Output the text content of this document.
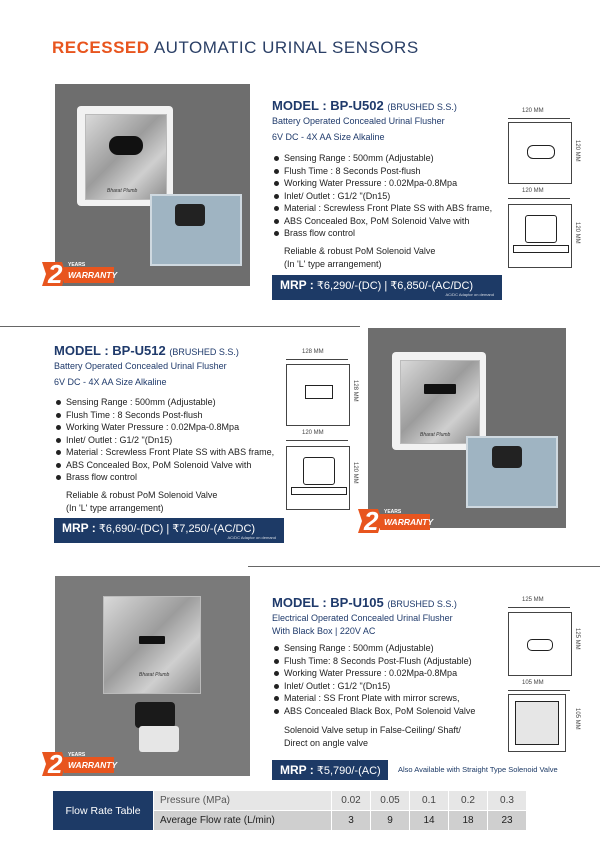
RECESSED AUTOMATIC URINAL SENSORS
Bharat Plumb
2 YEARS
WARRANTY
MODEL : BP-U502 (BRUSHED S.S.)
Battery Operated Concealed Urinal Flusher
6V DC - 4X AA Size Alkaline
Sensing Range : 500mm (Adjustable)
Flush Time : 8 Seconds Post-flush
Working Water Pressure : 0.02Mpa-0.8Mpa
Inlet/ Outlet : G1/2 "(Dn15)
Material : Screwless Front Plate SS with ABS frame,
ABS Concealed Box, PoM Solenoid Valve with
Brass flow control
Reliable & robust PoM Solenoid Valve
(In 'L' type arrangement)
MRP : ₹6,290/-(DC) | ₹6,850/-(AC/DC)
AC/DC Adaptor on demand
120 MM
120 MM
120 MM
120 MM
MODEL : BP-U512 (BRUSHED S.S.)
Battery Operated Concealed Urinal Flusher
6V DC - 4X AA Size Alkaline
Sensing Range : 500mm (Adjustable)
Flush Time : 8 Seconds Post-flush
Working Water Pressure : 0.02Mpa-0.8Mpa
Inlet/ Outlet : G1/2 "(Dn15)
Material : Screwless Front Plate SS with ABS frame,
ABS Concealed Box, PoM Solenoid Valve with
Brass flow control
Reliable & robust PoM Solenoid Valve
(In 'L' type arrangement)
MRP : ₹6,690/-(DC) | ₹7,250/-(AC/DC)
AC/DC Adaptor on demand
128 MM
128 MM
120 MM
120 MM
Bharat Plumb
2 YEARS
WARRANTY
Bharat Plumb
2 YEARS
WARRANTY
MODEL : BP-U105 (BRUSHED S.S.)
Electrical Operated Concealed Urinal Flusher
With Black Box | 220V AC
Sensing Range : 500mm (Adjustable)
Flush Time: 8 Seconds Post-Flush (Adjustable)
Working Water Pressure : 0.02Mpa-0.8Mpa
Inlet/ Outlet : G1/2 "(Dn15)
Material : SS Front Plate with mirror screws,
ABS Concealed Black Box, PoM Solenoid Valve
Solenoid Valve setup in False-Ceiling/ Shaft/
Direct on angle valve
MRP : ₹5,790/-(AC)	Also Available with Straight Type Solenoid Valve
125 MM
125 MM
105 MM
105 MM
Flow Rate Table	Pressure (MPa)	0.02	0.05	0.1	0.2	0.3
	Average Flow rate (L/min)	3	9	14	18	23
